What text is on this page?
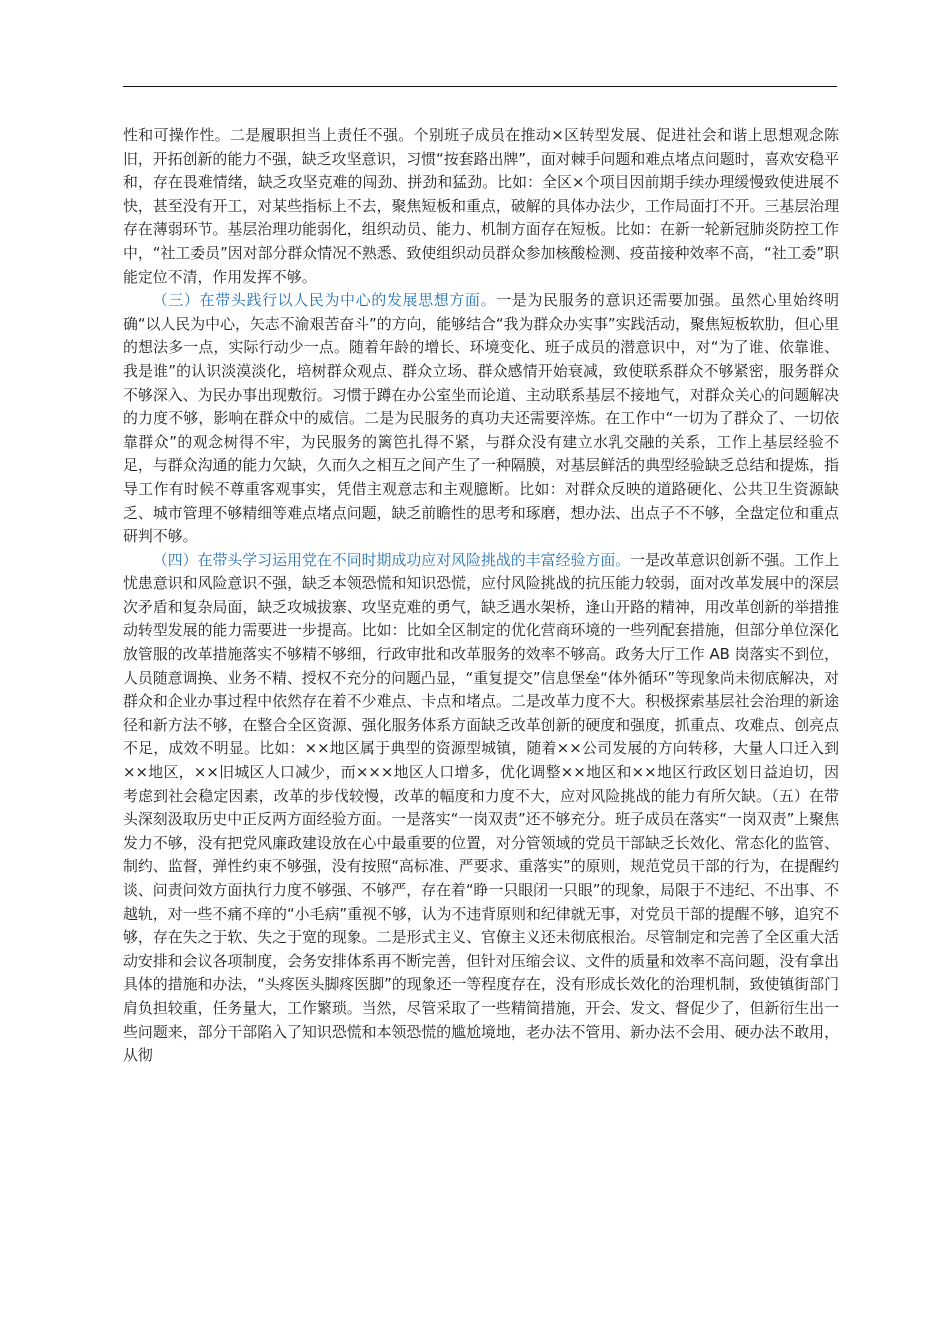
性和可操作性。二是履职担当上责任不强。个别班子成员在推动×区转型发展、促进社会和谐上思想观念陈旧，开拓创新的能力不强，缺乏攻坚意识，习惯“按套路出牌”，面对棘手问题和难点堵点问题时，喜欢安稳平和，存在畏难情绪，缺乏攻坚克难的闯劲、拼劲和猛劲。比如：全区×个项目因前期手续办理缓慢致使进展不快，甚至没有开工，对某些指标上不去，聚焦短板和重点，破解的具体办法少，工作局面打不开。三基层治理存在薄弱环节。基层治理功能弱化，组织动员、能力、机制方面存在短板。比如：在新一轮新冠肺炎防控工作中，“社工委员”因对部分群众情况不熟悉、致使组织动员群众参加核酸检测、疫苗接种效率不高，“社工委”职能定位不清，作用发挥不够。

（三）在带头践行以人民为中心的发展思想方面。一是为民服务的意识还需要加强。虽然心里始终明确“以人民为中心，矢志不渝艰苦奋斗”的方向，能够结合“我为群众办实事”实践活动，聚焦短板软肋，但心里的想法多一点，实际行动少一点。随着年龄的增长、环境变化、班子成员的潜意识中，对“为了谁、依靠谁、我是谁”的认识淡漠淡化，培树群众观点、群众立场、群众感情开始衰减，致使联系群众不够紧密，服务群众不够深入、为民办事出现敷衍。习惯于蹲在办公室坐而论道、主动联系基层不接地气，对群众关心的问题解决的力度不够，影响在群众中的威信。二是为民服务的真功夫还需要淬炼。在工作中“一切为了群众了、一切依靠群众”的观念树得不牢，为民服务的篱笆扎得不紧，与群众没有建立水乳交融的关系，工作上基层经验不足，与群众沟通的能力欠缺，久而久之相互之间产生了一种隔膜，对基层鲜活的典型经验缺乏总结和提炼，指导工作有时候不尊重客观事实，凭借主观意志和主观臆断。比如：对群众反映的道路硬化、公共卫生资源缺乏、城市管理不够精细等难点堵点问题，缺乏前瞻性的思考和琢磨，想办法、出点子不不够，全盘定位和重点研判不够。

（四）在带头学习运用党在不同时期成功应对风险挑战的丰富经验方面。一是改革意识创新不强。工作上忧患意识和风险意识不强，缺乏本领恐慌和知识恐慌，应付风险挑战的抗压能力较弱，面对改革发展中的深层次矛盾和复杂局面，缺乏攻城拔寨、攻坚克难的勇气，缺乏遇水架桥，逢山开路的精神，用改革创新的举措推动转型发展的能力需要进一步提高。比如：比如全区制定的优化营商环境的一些列配套措施，但部分单位深化放管服的改革措施落实不够精不够细，行政审批和改革服务的效率不够高。政务大厅工作 AB 岗落实不到位，人员随意调换、业务不精、授权不充分的问题凸显，“重复提交”信息堡垒“体外循环”等现象尚未彻底解决，对群众和企业办事过程中依然存在着不少难点、卡点和堵点。二是改革力度不大。积极探索基层社会治理的新途径和新方法不够，在整合全区资源、强化服务体系方面缺乏改革创新的硬度和强度，抓重点、攻难点、创亮点不足，成效不明显。比如：××地区属于典型的资源型城镇，随着××公司发展的方向转移，大量人口迁入到××地区，××旧城区人口减少，而×××地区人口增多，优化调整××地区和××地区行政区划日益迫切，因考虑到社会稳定因素，改革的步伐较慢，改革的幅度和力度不大，应对风险挑战的能力有所欠缺。（五）在带头深刻汲取历史中正反两方面经验方面。一是落实“一岗双责”还不够充分。班子成员在落实“一岗双责”上聚焦发力不够，没有把党风廉政建设放在心中最重要的位置，对分管领域的党员干部缺乏长效化、常态化的监管、制约、监督，弹性约束不够强，没有按照“高标准、严要求、重落实”的原则，规范党员干部的行为，在提醒约谈、问责问效方面执行力度不够强、不够严，存在着“睁一只眼闭一只眼”的现象，局限于不违纪、不出事、不越轨，对一些不痛不痒的“小毛病”重视不够，认为不违背原则和纪律就无事，对党员干部的提醒不够，追究不够，存在失之于软、失之于宽的现象。二是形式主义、官僚主义还未彻底根治。尽管制定和完善了全区重大活动安排和会议各项制度，会务安排体系再不断完善，但针对压缩会议、文件的质量和效率不高问题，没有拿出具体的措施和办法，“头疼医头脚疼医脚”的现象还一等程度存在，没有形成长效化的治理机制，致使镇街部门肩负担较重，任务量大，工作繁琐。当然，尽管采取了一些精简措施，开会、发文、督促少了，但新衍生出一些问题来，部分干部陷入了知识恐慌和本领恐慌的尴尬境地，老办法不管用、新办法不会用、硬办法不敢用，从彻
